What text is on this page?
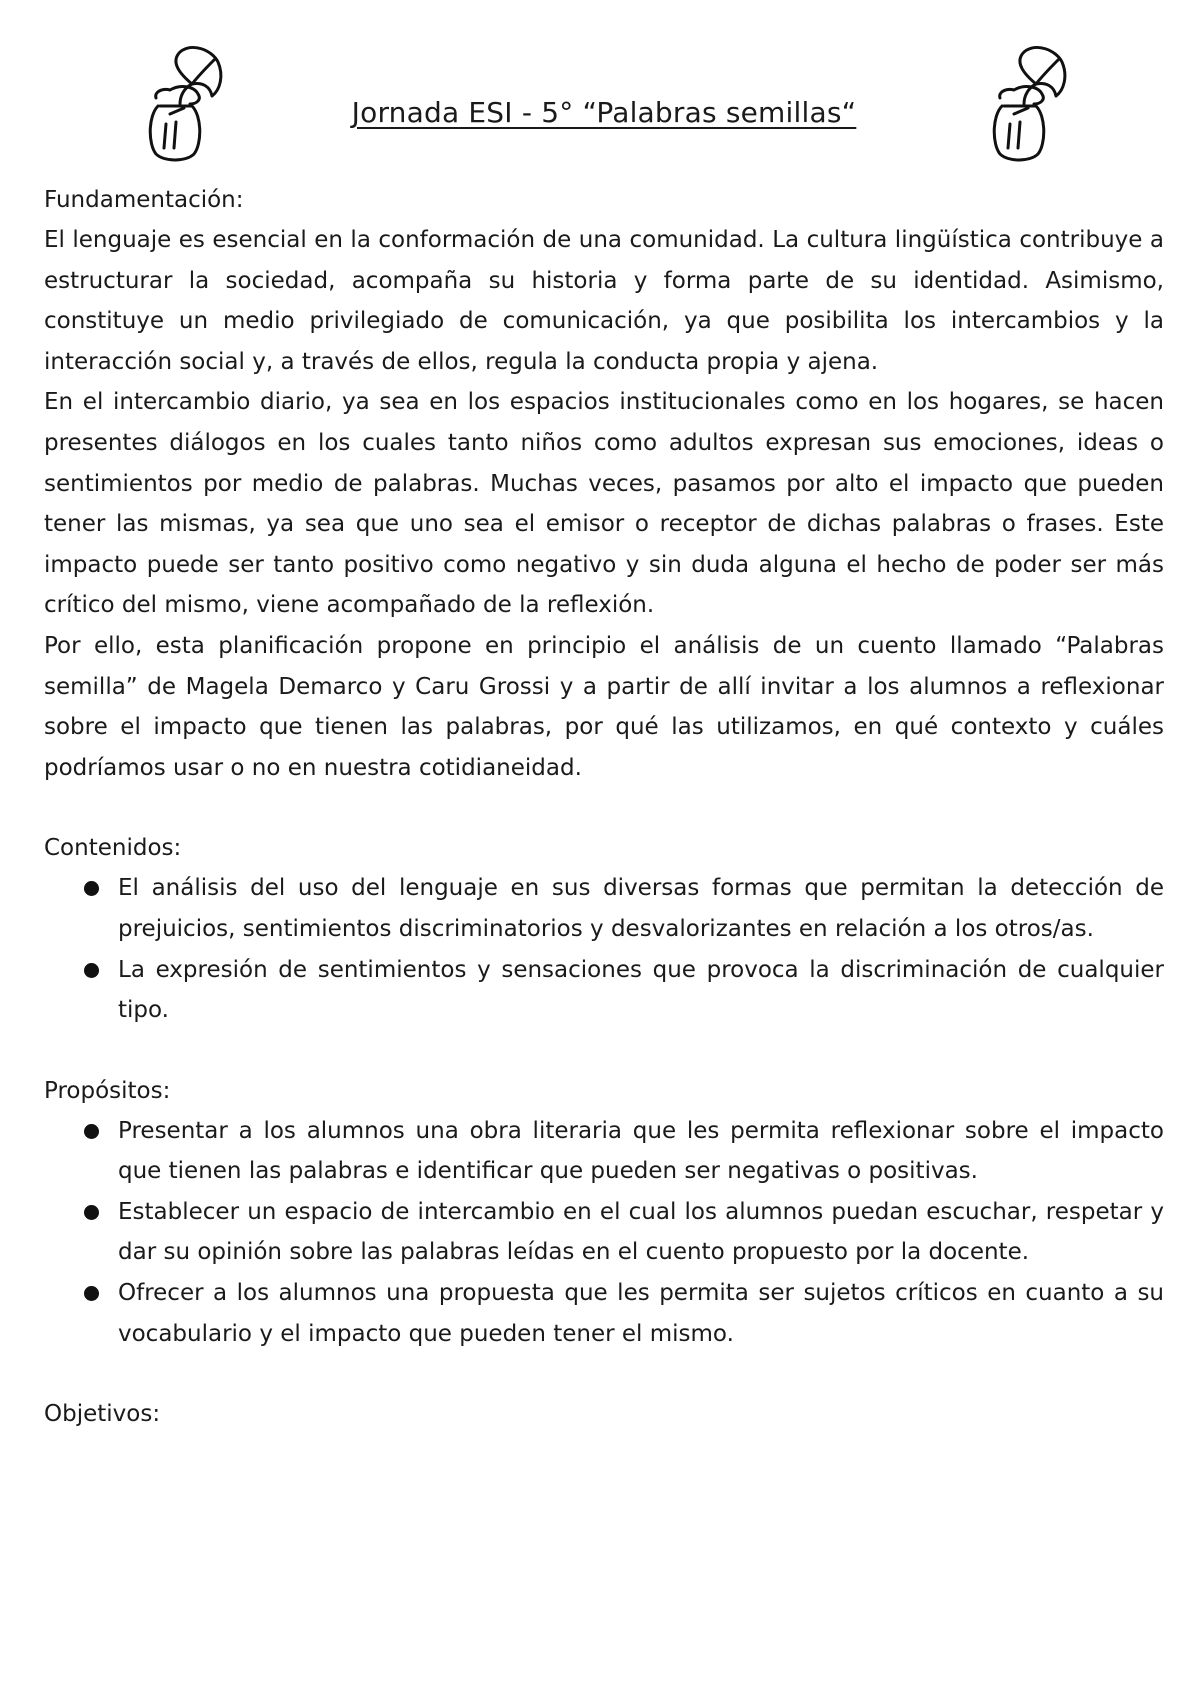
Jornada ESI - 5° “Palabras semillas“

Fundamentación:

El lenguaje es esencial en la conformación de una comunidad. La cultura lingüística contribuye a estructurar la sociedad, acompaña su historia y forma parte de su identidad. Asimismo, constituye un medio privilegiado de comunicación, ya que posibilita los intercambios y la interacción social y, a través de ellos, regula la conducta propia y ajena.

En el intercambio diario, ya sea en los espacios institucionales como en los hogares, se hacen presentes diálogos en los cuales tanto niños como adultos expresan sus emociones, ideas o sentimientos por medio de palabras. Muchas veces, pasamos por alto el impacto que pueden tener las mismas, ya sea que uno sea el emisor o receptor de dichas palabras o frases. Este impacto puede ser tanto positivo como negativo y sin duda alguna el hecho de poder ser más crítico del mismo, viene acompañado de la reflexión.

Por ello, esta planificación propone en principio el análisis de un cuento llamado “Palabras semilla” de Magela Demarco y Caru Grossi y a partir de allí invitar a los alumnos a reflexionar sobre el impacto que tienen las palabras, por qué las utilizamos, en qué contexto y cuáles podríamos usar o no en nuestra cotidianeidad.

Contenidos:

El análisis del uso del lenguaje en sus diversas formas que permitan la detección de prejuicios, sentimientos discriminatorios y desvalorizantes en relación a los otros/as.
La expresión de sentimientos y sensaciones que provoca la discriminación de cualquier tipo.

Propósitos:

Presentar a los alumnos una obra literaria que les permita reflexionar sobre el impacto que tienen las palabras e identificar que pueden ser negativas o positivas.
Establecer un espacio de intercambio en el cual los alumnos puedan escuchar, respetar y dar su opinión sobre las palabras leídas en el cuento propuesto por la docente.
Ofrecer a los alumnos una propuesta que les permita ser sujetos críticos en cuanto a su vocabulario y el impacto que pueden tener el mismo.

Objetivos:
